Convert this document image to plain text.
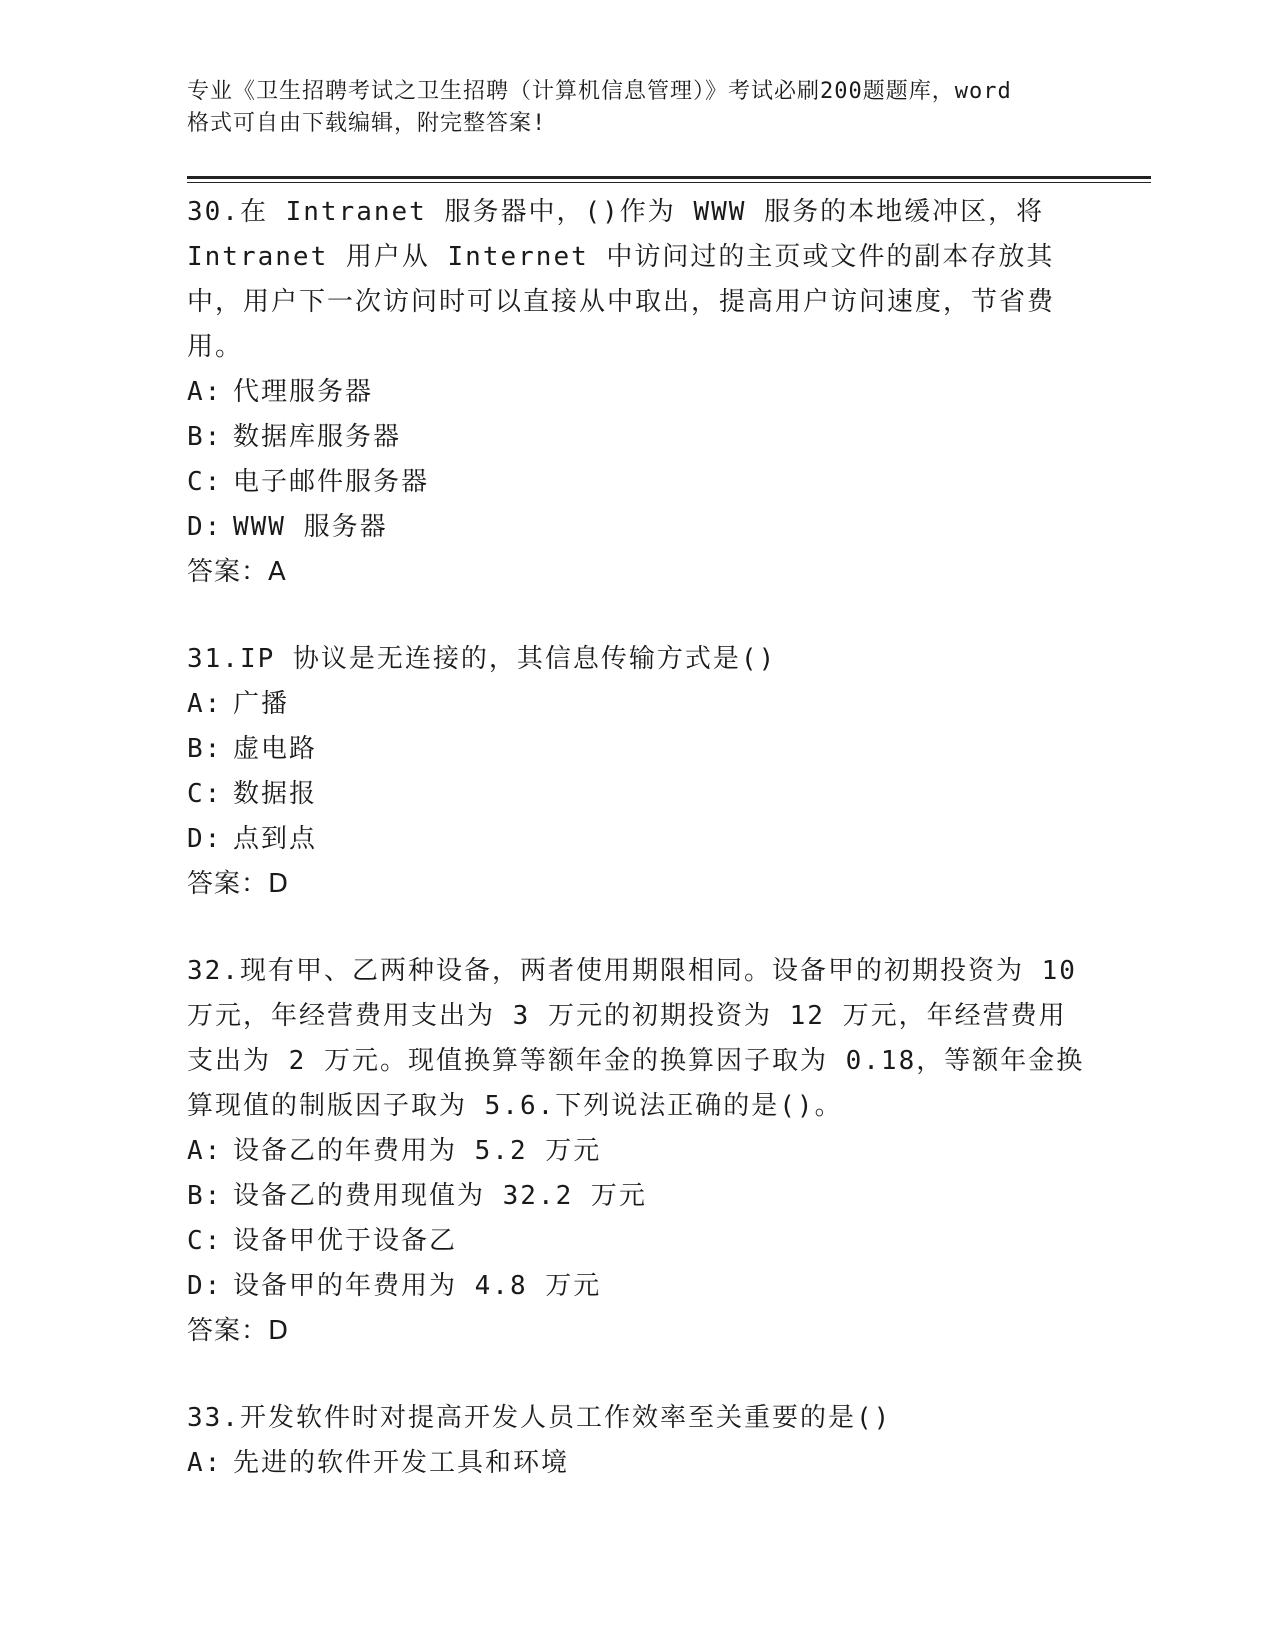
专业《卫生招聘考试之卫生招聘（计算机信息管理）》考试必刷200题题库，word
格式可自由下载编辑，附完整答案!

30.在 Intranet 服务器中，()作为 WWW 服务的本地缓冲区，将Intranet 用户从 Internet 中访问过的主页或文件的副本存放其中，用户下一次访问时可以直接从中取出，提高用户访问速度，节省费用。

A: 代理服务器
B: 数据库服务器
C: 电子邮件服务器
D: WWW 服务器

答案：A

31.IP 协议是无连接的，其信息传输方式是()

A: 广播
B: 虚电路
C: 数据报
D: 点到点

答案：D

32.现有甲、乙两种设备，两者使用期限相同。设备甲的初期投资为 10 万元，年经营费用支出为 3 万元的初期投资为 12 万元，年经营费用支出为 2 万元。现值换算等额年金的换算因子取为 0.18，等额年金换算现值的制版因子取为 5.6.下列说法正确的是()。

A: 设备乙的年费用为 5.2 万元
B: 设备乙的费用现值为 32.2 万元
C: 设备甲优于设备乙
D: 设备甲的年费用为 4.8 万元

答案：D

33.开发软件时对提高开发人员工作效率至关重要的是()

A: 先进的软件开发工具和环境
